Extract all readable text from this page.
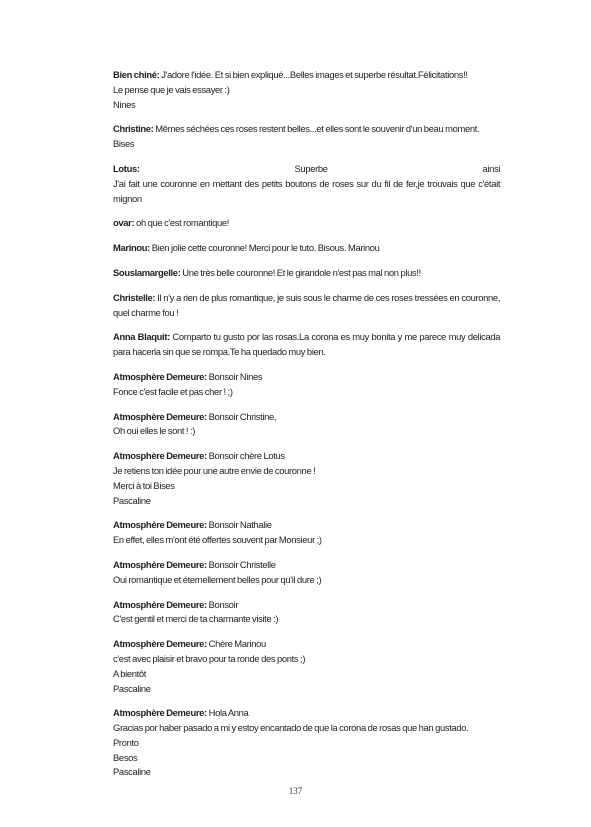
Bien chiné: J'adore l'idée. Et si bien expliqué...Belles images et superbe résultat.Félicitations!!
Le pense que je vais essayer :)
Nines
Christine: Mêmes séchées ces roses restent belles...et elles sont le souvenir d'un beau moment. Bises
Lotus:	Superbe ainsi
J'ai fait une couronne en mettant des petits boutons de roses sur du fil de fer,je trouvais que c'était
mignon
ovar: oh que c'est romantique!
Marinou: Bien jolie cette couronne! Merci pour le tuto. Bisous. Marinou
Souslamargelle: Une très belle couronne! Et le girandole n'est pas mal non plus!!
Christelle: Il n'y a rien de plus romantique, je suis sous le charme de ces roses tressées en couronne,
quel charme fou !
Anna Blaquit: Comparto tu gusto por las rosas.La corona es muy bonita y me parece muy delicada
para hacerla sin que se rompa.Te ha quedado muy bien.
Atmosphère Demeure: Bonsoir Nines
Fonce c'est facile et pas cher ! ;)
Atmosphère Demeure: Bonsoir Christine,
Oh oui elles le sont ! :)
Atmosphère Demeure: Bonsoir chère Lotus
Je retiens ton idée pour une autre envie de couronne !
Merci à toi Bises
Pascaline
Atmosphère Demeure: Bonsoir Nathalie
En effet, elles m'ont été offertes souvent par Monsieur ;)
Atmosphère Demeure: Bonsoir Christelle
Oui romantique et éternellement belles pour qu'il dure ;)
Atmosphère Demeure: Bonsoir
C'est gentil et merci de ta charmante visite :)
Atmosphère Demeure: Chère Marinou
c'est avec plaisir et bravo pour ta ronde des ponts ;)
A bientôt
Pascaline
Atmosphère Demeure: Hola Anna
Gracias por haber pasado a mi y estoy encantado de que la corona de rosas que han gustado.
Pronto
Besos
Pascaline
137
